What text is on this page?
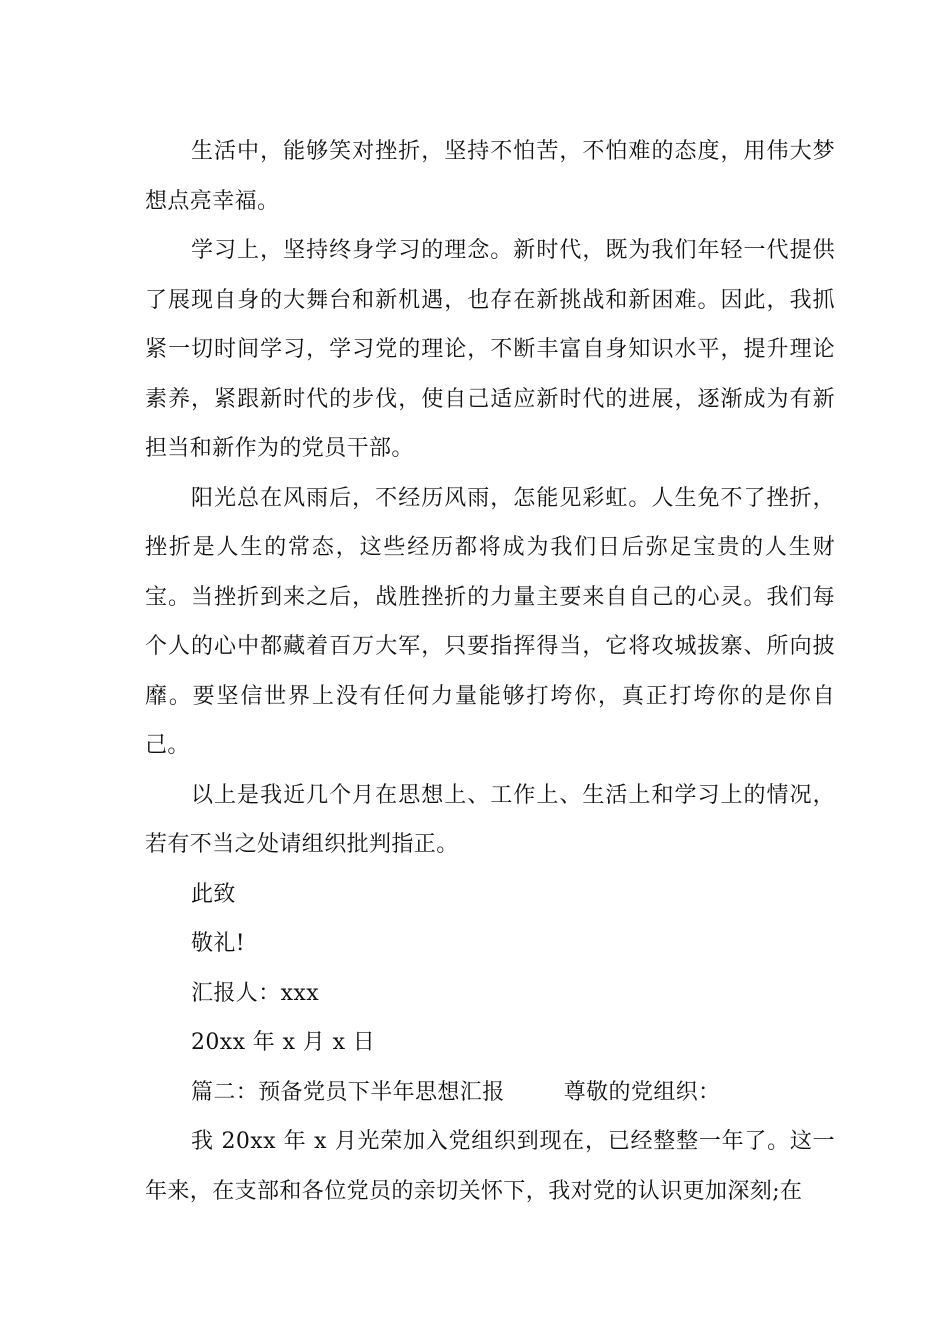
生活中，能够笑对挫折，坚持不怕苦，不怕难的态度，用伟大梦想点亮幸福。

学习上，坚持终身学习的理念。新时代，既为我们年轻一代提供了展现自身的大舞台和新机遇，也存在新挑战和新困难。因此，我抓紧一切时间学习，学习党的理论，不断丰富自身知识水平，提升理论素养，紧跟新时代的步伐，使自己适应新时代的进展，逐渐成为有新担当和新作为的党员干部。

阳光总在风雨后，不经历风雨，怎能见彩虹。人生免不了挫折，挫折是人生的常态，这些经历都将成为我们日后弥足宝贵的人生财宝。当挫折到来之后，战胜挫折的力量主要来自自己的心灵。我们每个人的心中都藏着百万大军，只要指挥得当，它将攻城拔寨、所向披靡。要坚信世界上没有任何力量能够打垮你，真正打垮你的是你自己。

以上是我近几个月在思想上、工作上、生活上和学习上的情况，若有不当之处请组织批判指正。

此致

敬礼!

汇报人：xxx

20xx 年 x 月 x 日

篇二：预备党员下半年思想汇报        尊敬的党组织：

我 20xx 年 x 月光荣加入党组织到现在，已经整整一年了。这一年来，在支部和各位党员的亲切关怀下，我对党的认识更加深刻;在
